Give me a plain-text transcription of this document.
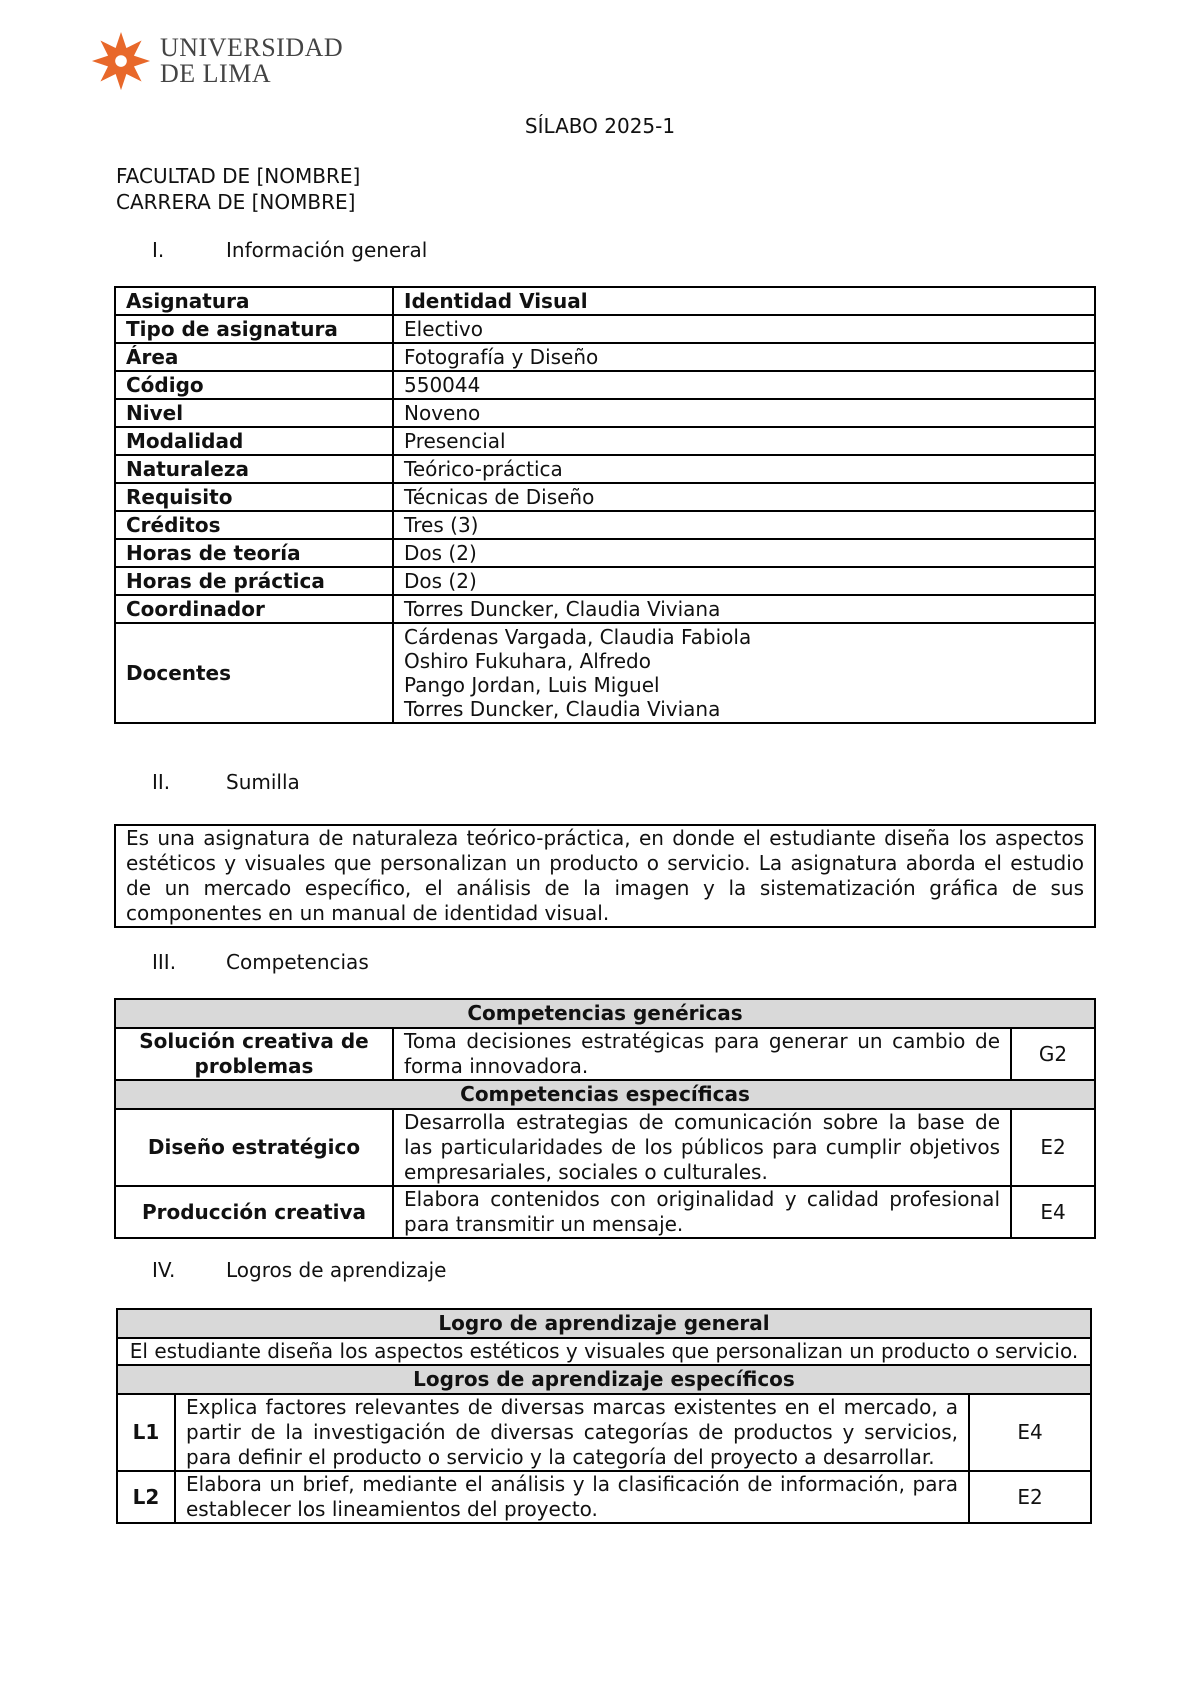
UNIVERSIDAD
DE LIMA
SÍLABO 2025-1
FACULTAD DE [NOMBRE]
CARRERA DE [NOMBRE]
I.	Información general
Asignatura	Identidad Visual
Tipo de asignatura	Electivo
Área	Fotografía y Diseño
Código	550044
Nivel	Noveno
Modalidad	Presencial
Naturaleza	Teórico-práctica
Requisito	Técnicas de Diseño
Créditos	Tres (3)
Horas de teoría	Dos (2)
Horas de práctica	Dos (2)
Coordinador	Torres Duncker, Claudia Viviana
Docentes	Cárdenas Vargada, Claudia Fabiola
Oshiro Fukuhara, Alfredo
Pango Jordan, Luis Miguel
Torres Duncker, Claudia Viviana
II.	Sumilla
Es una asignatura de naturaleza teórico-práctica, en donde el estudiante diseña los aspectos estéticos y visuales que personalizan un producto o servicio. La asignatura aborda el estudio de un mercado específico, el análisis de la imagen y la sistematización gráfica de sus componentes en un manual de identidad visual.
III. Competencias
Competencias genéricas		
Solución creativa de problemas	Toma decisiones estratégicas para generar un cambio de forma innovadora.	G2
Competencias específicas		
Diseño estratégico	Desarrolla estrategias de comunicación sobre la base de las particularidades de los públicos para cumplir objetivos empresariales, sociales o culturales.	E2
Producción creativa	Elabora contenidos con originalidad y calidad profesional para transmitir un mensaje.	E4
IV.	Logros de aprendizaje
Logro de aprendizaje general		
El estudiante diseña los aspectos estéticos y visuales que personalizan un producto o servicio.		
Logros de aprendizaje específicos		
L1	Explica factores relevantes de diversas marcas existentes en el mercado, a partir de la investigación de diversas categorías de productos y servicios, para definir el producto o servicio y la categoría del proyecto a desarrollar.	E4
L2	Elabora un brief, mediante el análisis y la clasificación de información, para establecer los lineamientos del proyecto.	E2
